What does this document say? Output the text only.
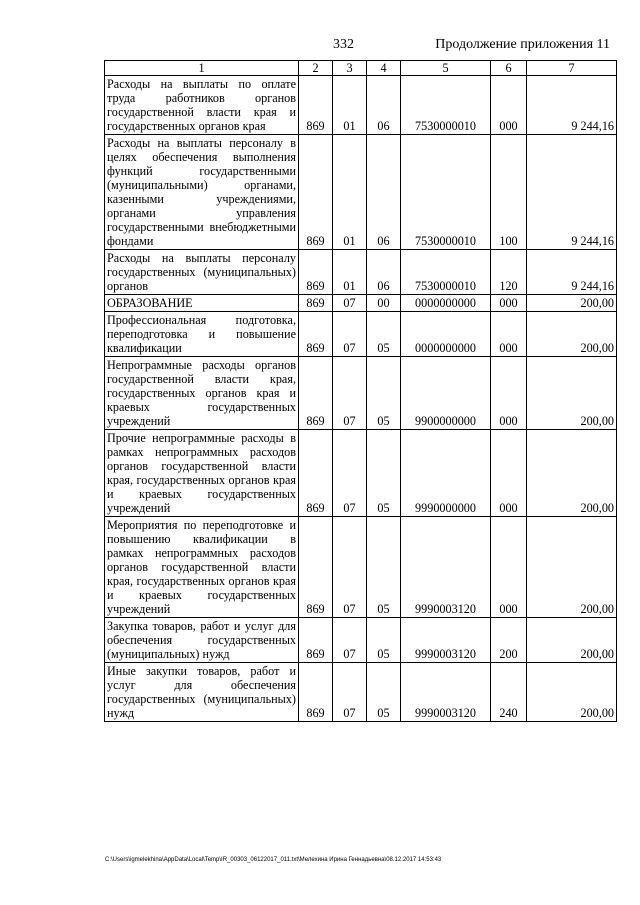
332	Продолжение приложения 11
1	2	3	4	5	6	7
Расходы на выплаты по оплате труда работников органов государственной власти края и государственных органов края	869	01	06	7530000010	000	9 244,16
Расходы на выплаты персоналу в целях обеспечения выполнения функций государственными (муниципальными) органами, казенными учреждениями, органами управления государственными внебюджетными фондами	869	01	06	7530000010	100	9 244,16
Расходы на выплаты персоналу государственных (муниципальных) органов	869	01	06	7530000010	120	9 244,16
ОБРАЗОВАНИЕ	869	07	00	0000000000	000	200,00
Профессиональная подготовка, переподготовка и повышение квалификации	869	07	05	0000000000	000	200,00
Непрограммные расходы органов государственной власти края, государственных органов края и краевых государственных учреждений	869	07	05	9900000000	000	200,00
Прочие непрограммные расходы в рамках непрограммных расходов органов государственной власти края, государственных органов края и краевых государственных учреждений	869	07	05	9990000000	000	200,00
Мероприятия по переподготовке и повышению квалификации в рамках непрограммных расходов органов государственной власти края, государственных органов края и краевых государственных учреждений	869	07	05	9990003120	000	200,00
Закупка товаров, работ и услуг для обеспечения государственных (муниципальных) нужд	869	07	05	9990003120	200	200,00
Иные закупки товаров, работ и услуг для обеспечения государственных (муниципальных) нужд	869	07	05	9990003120	240	200,00
C:\Users\igmelekhina\AppData\Local\Temp\IR_00303_06122017_011.txt\Мелехина Ирина Геннадьевна\08.12.2017 14:53:43
